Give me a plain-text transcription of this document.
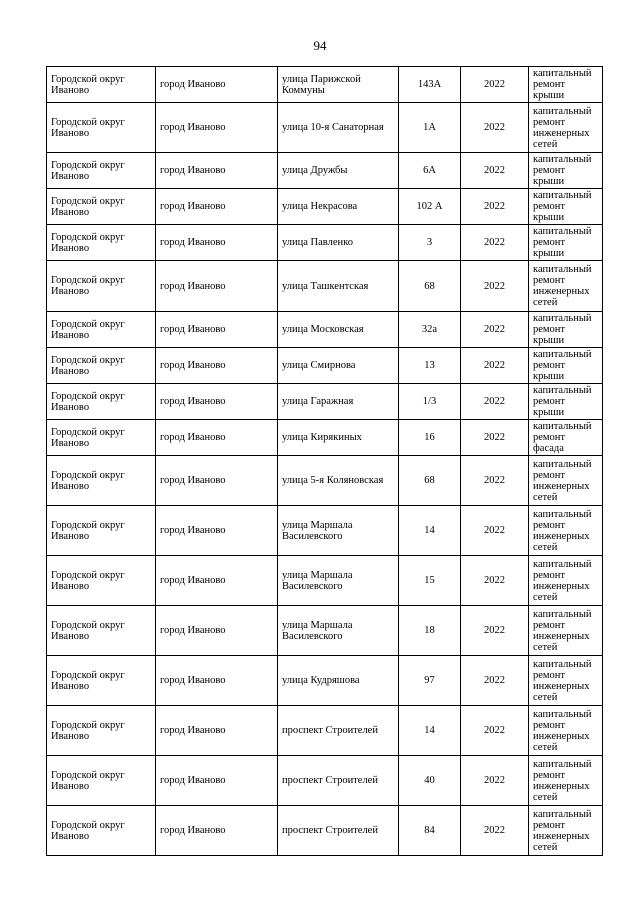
94
Городской округ Иваново	город Иваново	улица Парижской Коммуны	143А	2022	капитальный ремонт крыши
Городской округ Иваново	город Иваново	улица 10-я Санаторная	1А	2022	капитальный ремонт инженерных сетей
Городской округ Иваново	город Иваново	улица Дружбы	6А	2022	капитальный ремонт крыши
Городской округ Иваново	город Иваново	улица Некрасова	102 А	2022	капитальный ремонт крыши
Городской округ Иваново	город Иваново	улица Павленко	3	2022	капитальный ремонт крыши
Городской округ Иваново	город Иваново	улица Ташкентская	68	2022	капитальный ремонт инженерных сетей
Городской округ Иваново	город Иваново	улица Московская	32а	2022	капитальный ремонт крыши
Городской округ Иваново	город Иваново	улица Смирнова	13	2022	капитальный ремонт крыши
Городской округ Иваново	город Иваново	улица Гаражная	1/3	2022	капитальный ремонт крыши
Городской округ Иваново	город Иваново	улица Кирякиных	16	2022	капитальный ремонт фасада
Городской округ Иваново	город Иваново	улица 5-я Коляновская	68	2022	капитальный ремонт инженерных сетей
Городской округ Иваново	город Иваново	улица Маршала Василевского	14	2022	капитальный ремонт инженерных сетей
Городской округ Иваново	город Иваново	улица Маршала Василевского	15	2022	капитальный ремонт инженерных сетей
Городской округ Иваново	город Иваново	улица Маршала Василевского	18	2022	капитальный ремонт инженерных сетей
Городской округ Иваново	город Иваново	улица Кудряшова	97	2022	капитальный ремонт инженерных сетей
Городской округ Иваново	город Иваново	проспект Строителей	14	2022	капитальный ремонт инженерных сетей
Городской округ Иваново	город Иваново	проспект Строителей	40	2022	капитальный ремонт инженерных сетей
Городской округ Иваново	город Иваново	проспект Строителей	84	2022	капитальный ремонт инженерных сетей
